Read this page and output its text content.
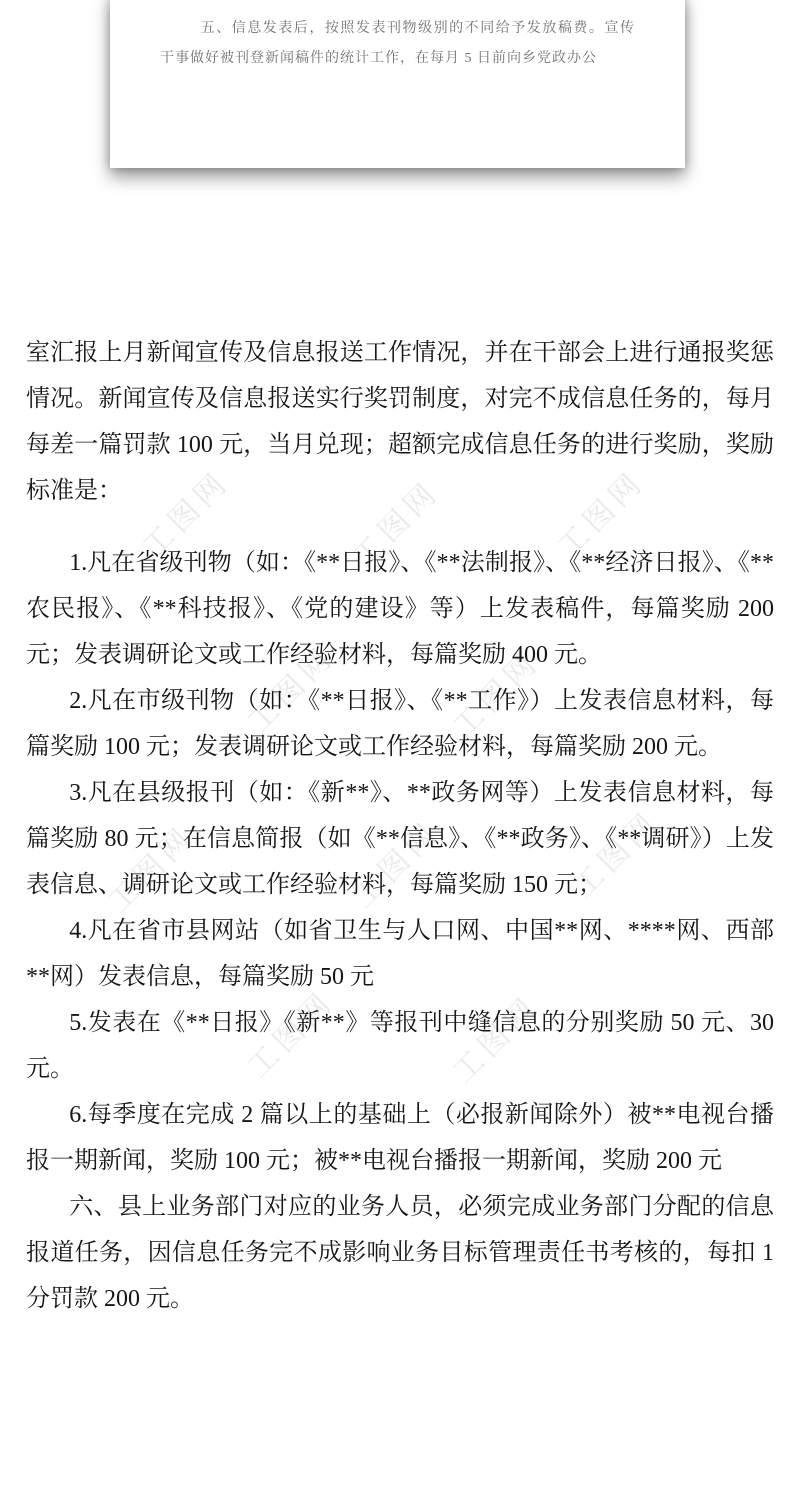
五、信息发表后，按照发表刊物级别的不同给予发放稿费。宣传干事做好被刊登新闻稿件的统计工作，在每月 5 日前向乡党政办公

工图网	工图网	工图网
工图网	工图网
工图网	工图网	工图网
工图网	工图网

室汇报上月新闻宣传及信息报送工作情况，并在干部会上进行通报奖惩情况。新闻宣传及信息报送实行奖罚制度，对完不成信息任务的，每月每差一篇罚款 100 元，当月兑现；超额完成信息任务的进行奖励，奖励标准是：

1.凡在省级刊物（如：《**日报》、《**法制报》、《**经济日报》、《**农民报》、《**科技报》、《党的建设》等）上发表稿件，每篇奖励 200 元；发表调研论文或工作经验材料，每篇奖励 400 元。

2.凡在市级刊物（如：《**日报》、《**工作》）上发表信息材料，每篇奖励 100 元；发表调研论文或工作经验材料，每篇奖励 200 元。

3.凡在县级报刊（如：《新**》、**政务网等）上发表信息材料，每篇奖励 80 元；在信息简报（如《**信息》、《**政务》、《**调研》）上发表信息、调研论文或工作经验材料，每篇奖励 150 元；

4.凡在省市县网站（如省卫生与人口网、中国**网、****网、西部**网）发表信息，每篇奖励 50 元

5.发表在《**日报》《新**》等报刊中缝信息的分别奖励 50 元、30 元。

6.每季度在完成 2 篇以上的基础上（必报新闻除外）被**电视台播报一期新闻，奖励 100 元；被**电视台播报一期新闻，奖励 200 元

六、县上业务部门对应的业务人员，必须完成业务部门分配的信息报道任务，因信息任务完不成影响业务目标管理责任书考核的，每扣 1 分罚款 200 元。
